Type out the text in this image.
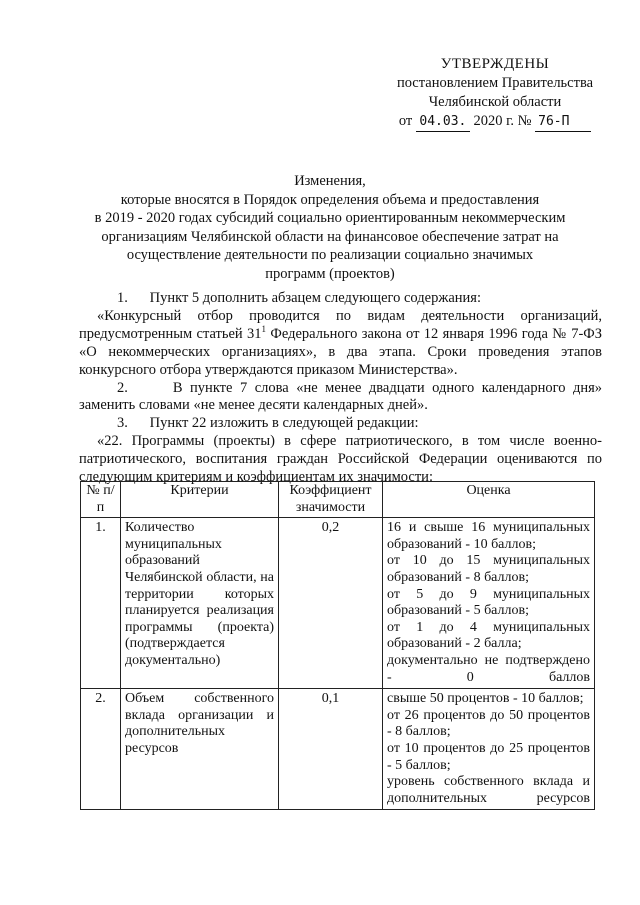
УТВЕРЖДЕНЫ
постановлением Правительства
Челябинской области
от 04.03. 2020 г. № 76-П
Изменения,
которые вносятся в Порядок определения объема и предоставления
в 2019 - 2020 годах субсидий социально ориентированным некоммерческим
организациям Челябинской области на финансовое обеспечение затрат на
осуществление деятельности по реализации социально значимых
программ (проектов)

1.      Пункт 5 дополнить абзацем следующего содержания:

«Конкурсный отбор проводится по видам деятельности организаций, предусмотренным статьей $31^1$ Федерального закона от 12 января 1996 года № 7-ФЗ «О некоммерческих организациях», в два этапа. Сроки проведения этапов конкурсного отбора утверждаются приказом Министерства».

2.      В пункте 7 слова «не менее двадцати одного календарного дня» заменить словами «не менее десяти календарных дней».

3.      Пункт 22 изложить в следующей редакции:

«22. Программы (проекты) в сфере патриотического, в том числе военно-патриотического, воспитания граждан Российской Федерации оцениваются по следующим критериям и коэффициентам их значимости:

№ п/п	Критерии	Коэффициент значимости	Оценка
1.	Количество муниципальных образований Челябинской области, на территории которых планируется реализация программы (проекта) (подтверждается документально)	0,2	16 и свыше 16 муниципальных образований - 10 баллов;
от 10 до 15 муниципальных образований - 8 баллов;
от 5 до 9 муниципальных образований - 5 баллов;
от 1 до 4 муниципальных образований - 2 балла;
документально не подтверждено - 0 баллов

2.	Объем собственного вклада организации и дополнительных ресурсов	0,1	свыше 50 процентов - 10 баллов;
от 26 процентов до 50 процентов - 8 баллов;
от 10 процентов до 25 процентов - 5 баллов;
уровень собственного вклада и дополнительных ресурсов
